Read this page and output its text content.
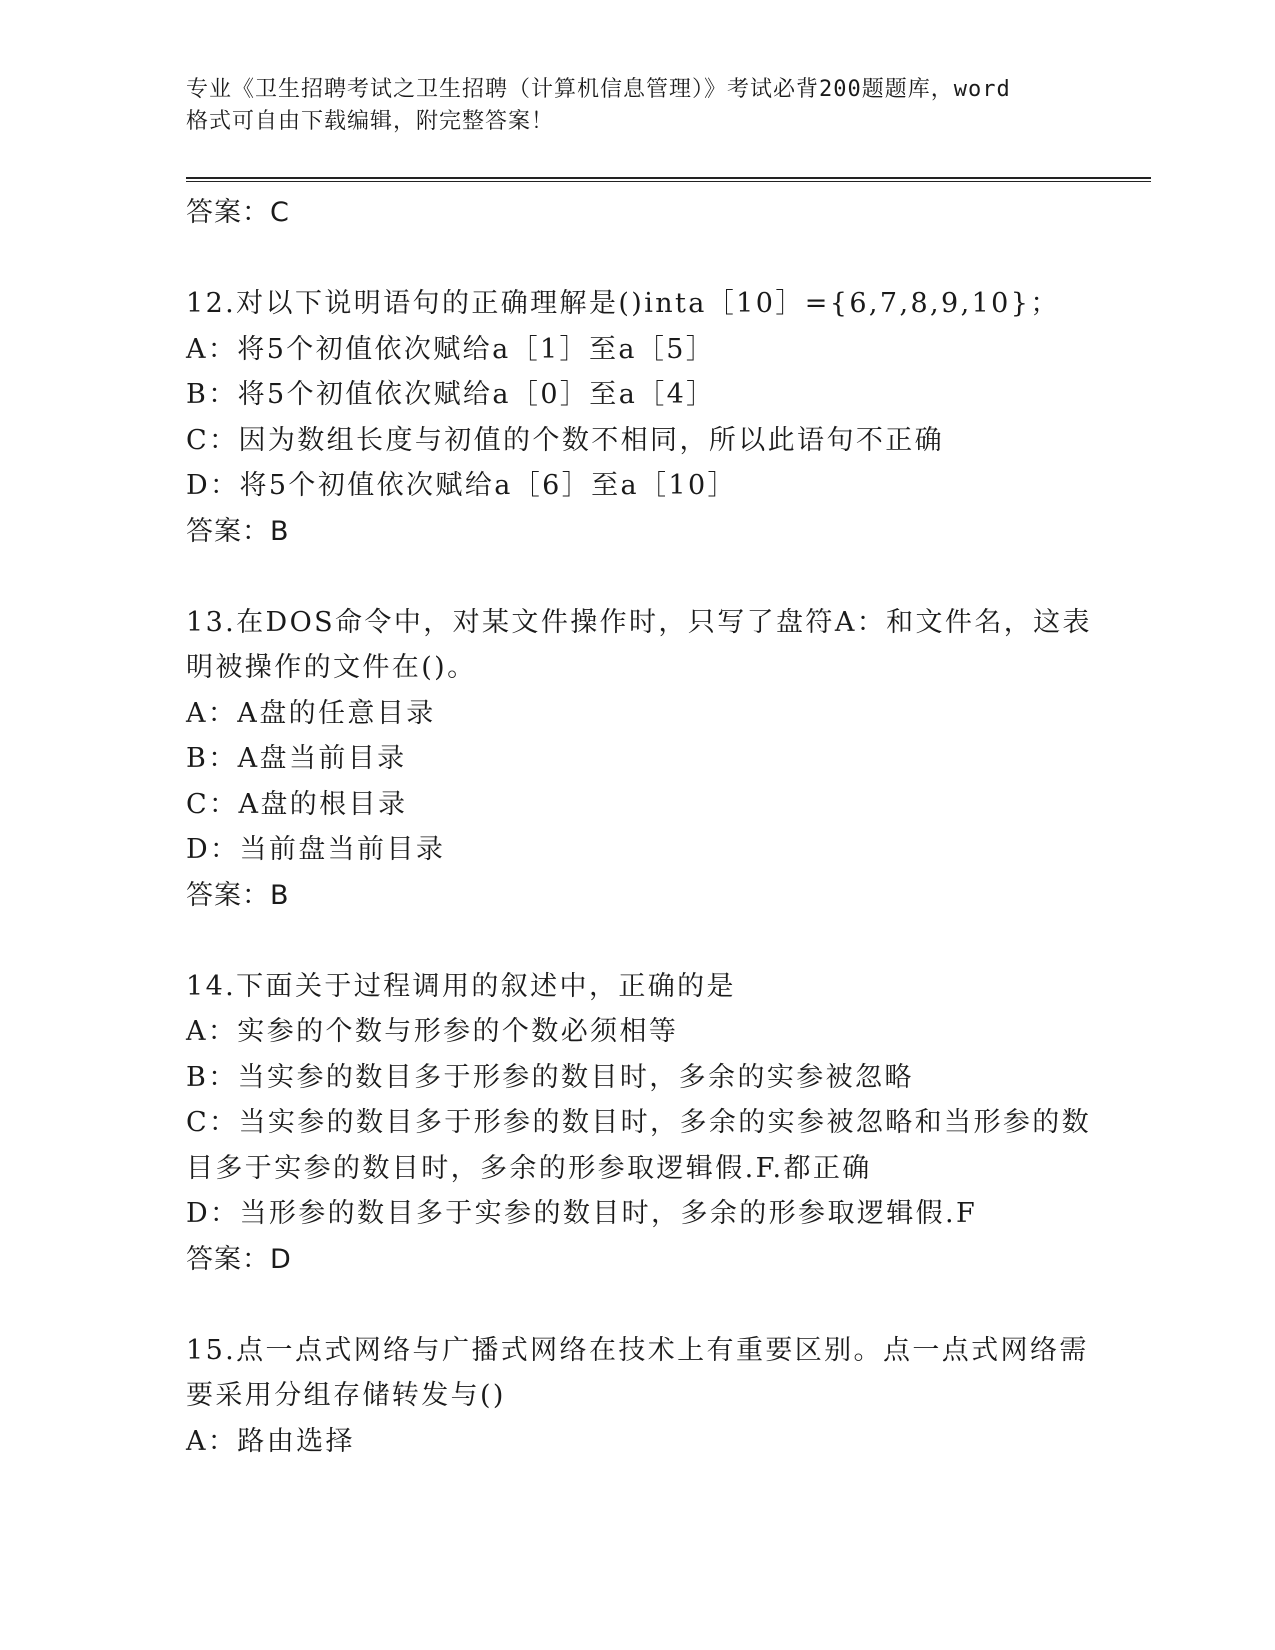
专业《卫生招聘考试之卫生招聘（计算机信息管理）》考试必背200题题库，word
格式可自由下载编辑，附完整答案！
答案：C
12.对以下说明语句的正确理解是()inta［10］={6,7,8,9,10}；
A：将5个初值依次赋给a［1］至a［5］
B：将5个初值依次赋给a［0］至a［4］
C：因为数组长度与初值的个数不相同，所以此语句不正确
D：将5个初值依次赋给a［6］至a［10］
答案：B
13.在DOS命令中，对某文件操作时，只写了盘符A：和文件名，这表
明被操作的文件在()。
A：A盘的任意目录
B：A盘当前目录
C：A盘的根目录
D：当前盘当前目录
答案：B
14.下面关于过程调用的叙述中，正确的是
A：实参的个数与形参的个数必须相等
B：当实参的数目多于形参的数目时，多余的实参被忽略
C：当实参的数目多于形参的数目时，多余的实参被忽略和当形参的数
目多于实参的数目时，多余的形参取逻辑假.F.都正确
D：当形参的数目多于实参的数目时，多余的形参取逻辑假.F
答案：D
15.点一点式网络与广播式网络在技术上有重要区别。点一点式网络需
要采用分组存储转发与()
A：路由选择
